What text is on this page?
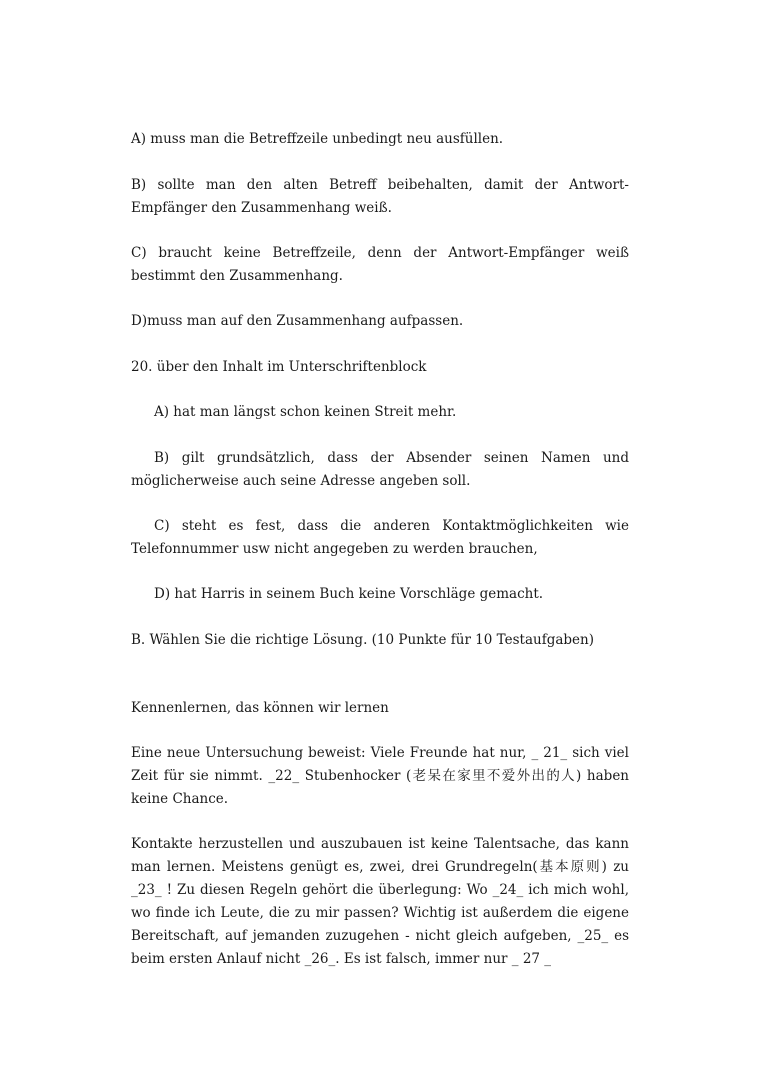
A) muss man die Betreffzeile unbedingt neu ausfüllen.

B) sollte man den alten Betreff beibehalten, damit der Antwort-Empfänger den Zusammenhang weiß.

C) braucht keine Betreffzeile, denn der Antwort-Empfänger weiß bestimmt den Zusammenhang.

D)muss man auf den Zusammenhang aufpassen.

20. über den Inhalt im Unterschriftenblock

A) hat man längst schon keinen Streit mehr.

B) gilt grundsätzlich, dass der Absender seinen Namen und möglicherweise auch seine Adresse angeben soll.

C) steht es fest, dass die anderen Kontaktmöglichkeiten wie Telefonnummer usw nicht angegeben zu werden brauchen,

D) hat Harris in seinem Buch keine Vorschläge gemacht.

B. Wählen Sie die richtige Lösung. (10 Punkte für 10 Testaufgaben)

Kennenlernen, das können wir lernen

Eine neue Untersuchung beweist: Viele Freunde hat nur, _ 21_ sich viel Zeit für sie nimmt. _22_ Stubenhocker (老呆在家里不爱外出的人) haben keine Chance.

Kontakte herzustellen und auszubauen ist keine Talentsache, das kann man lernen. Meistens genügt es, zwei, drei Grundregeln(基本原则) zu _23_ ! Zu diesen Regeln gehört die überlegung: Wo _24_ ich mich wohl, wo finde ich Leute, die zu mir passen? Wichtig ist außerdem die eigene Bereitschaft, auf jemanden zuzugehen - nicht gleich aufgeben, _25_ es beim ersten Anlauf nicht _26_. Es ist falsch, immer nur _ 27 _
